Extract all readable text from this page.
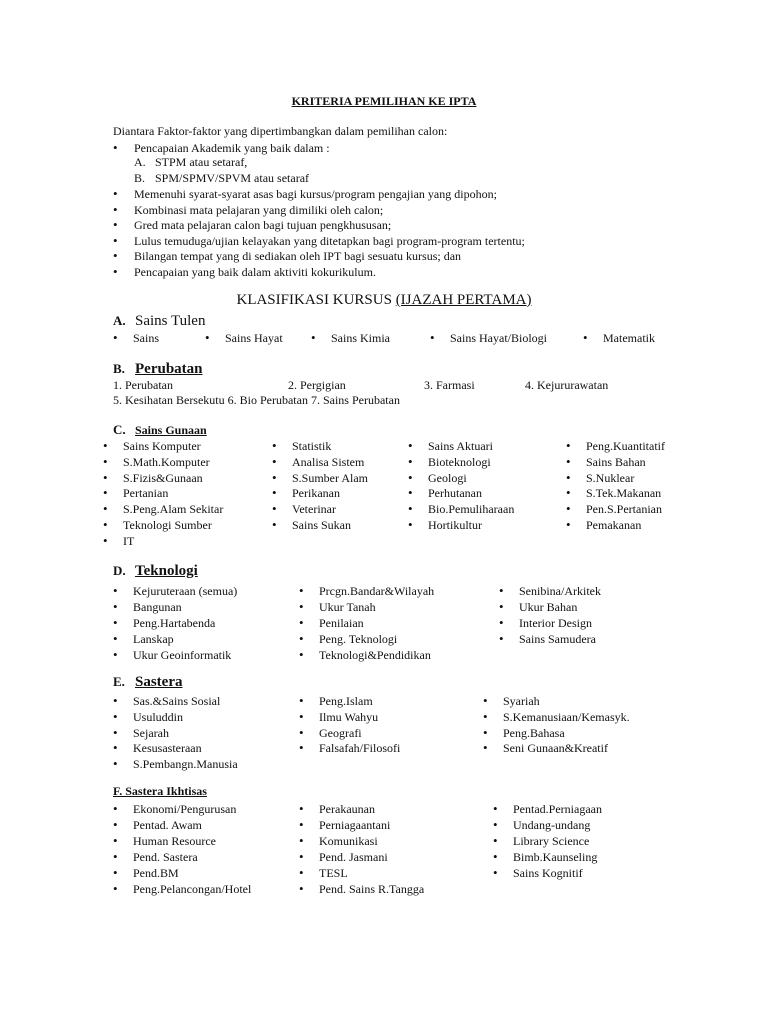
KRITERIA PEMILIHAN KE IPTA
Diantara Faktor-faktor yang dipertimbangkan dalam pemilihan calon:
•Pencapaian Akademik yang baik dalam :
A. STPM atau setaraf,
B. SPM/SPMV/SPVM atau setaraf
•Memenuhi syarat-syarat asas bagi kursus/program pengajian yang dipohon;
•Kombinasi mata pelajaran yang dimiliki oleh calon;
•Gred mata pelajaran calon bagi tujuan pengkhususan;
•Lulus temuduga/ujian kelayakan yang ditetapkan bagi program-program tertentu;
•Bilangan tempat yang di sediakan oleh IPT bagi sesuatu kursus; dan
•Pencapaian yang baik dalam aktiviti kokurikulum.
KLASIFIKASI KURSUS (IJAZAH PERTAMA)
A. Sains Tulen
•Sains •	Sains Hayat •	Sains Kimia •	Sains Hayat/Biologi •	Matematik
B. Perubatan
1. Perubatan	2. Pergigian	3. Farmasi	4. Kejururawatan
5. Kesihatan Bersekutu 6. Bio Perubatan 7. Sains Perubatan
C. Sains Gunaan
•Sains Komputer
•S.Math.Komputer
•S.Fizis&Gunaan
•Pertanian
•S.Peng.Alam Sekitar
•Teknologi Sumber
•IT
•Statistik
•Analisa Sistem
•S.Sumber Alam
•Perikanan
•Veterinar
•Sains Sukan
•Sains Aktuari
•Bioteknologi
•Geologi
•Perhutanan
•Bio.Pemuliharaan
•Hortikultur
•Peng.Kuantitatif
•Sains Bahan
•S.Nuklear
•S.Tek.Makanan
•Pen.S.Pertanian
•Pemakanan
D. Teknologi
•Kejuruteraan (semua)
•Bangunan
•Peng.Hartabenda
•Lanskap
•Ukur Geoinformatik
•Prcgn.Bandar&Wilayah
•Ukur Tanah
•Penilaian
•Peng. Teknologi
•Teknologi&Pendidikan
•Senibina/Arkitek
•Ukur Bahan
•Interior Design
•Sains Samudera
E. Sastera
•Sas.&Sains Sosial
•Usuluddin
•Sejarah
•Kesusasteraan
•S.Pembangn.Manusia
•Peng.Islam
•Ilmu Wahyu
•Geografi
•Falsafah/Filosofi
•Syariah
•S.Kemanusiaan/Kemasyk.
•Peng.Bahasa
•Seni Gunaan&Kreatif
F. Sastera Ikhtisas
•Ekonomi/Pengurusan
•Pentad. Awam
•Human Resource
•Pend. Sastera
•Pend.BM
•Peng.Pelancongan/Hotel
•Perakaunan
•Perniagaantani
•Komunikasi
•Pend. Jasmani
•TESL
•Pend. Sains R.Tangga
•Pentad.Perniagaan
•Undang-undang
•Library Science
•Bimb.Kaunseling
•Sains Kognitif
